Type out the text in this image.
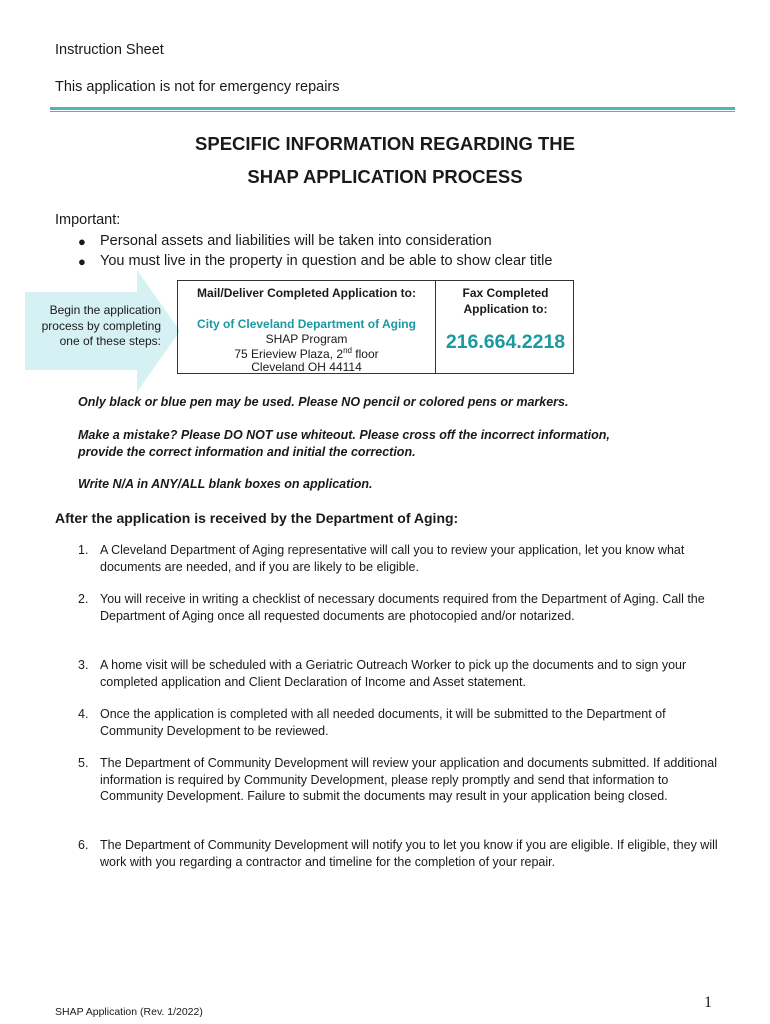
Instruction Sheet
This application is not for emergency repairs
SPECIFIC INFORMATION REGARDING THE
SHAP APPLICATION PROCESS
Important:
● Personal assets and liabilities will be taken into consideration
● You must live in the property in question and be able to show clear title
Begin the application
process by completing
one of these steps:
Mail/Deliver Completed Application to:
City of Cleveland Department of Aging
SHAP Program
75 Erieview Plaza, 2nd floor
Cleveland OH 44114
Fax Completed
Application to:
216.664.2218
Only black or blue pen may be used. Please NO pencil or colored pens or markers.
Make a mistake? Please DO NOT use whiteout. Please cross off the incorrect information,
provide the correct information and initial the correction.
Write N/A in ANY/ALL blank boxes on application.
After the application is received by the Department of Aging:
1. A Cleveland Department of Aging representative will call you to review your application, let you know what documents are needed, and if you are likely to be eligible.
2. You will receive in writing a checklist of necessary documents required from the Department of Aging. Call the Department of Aging once all requested documents are photocopied and/or notarized.
3. A home visit will be scheduled with a Geriatric Outreach Worker to pick up the documents and to sign your completed application and Client Declaration of Income and Asset statement.
4. Once the application is completed with all needed documents, it will be submitted to the Department of Community Development to be reviewed.
5. The Department of Community Development will review your application and documents submitted. If additional information is required by Community Development, please reply promptly and send that information to Community Development. Failure to submit the documents may result in your application being closed.
6. The Department of Community Development will notify you to let you know if you are eligible. If eligible, they will work with you regarding a contractor and timeline for the completion of your repair.
SHAP Application (Rev. 1/2022)
1
